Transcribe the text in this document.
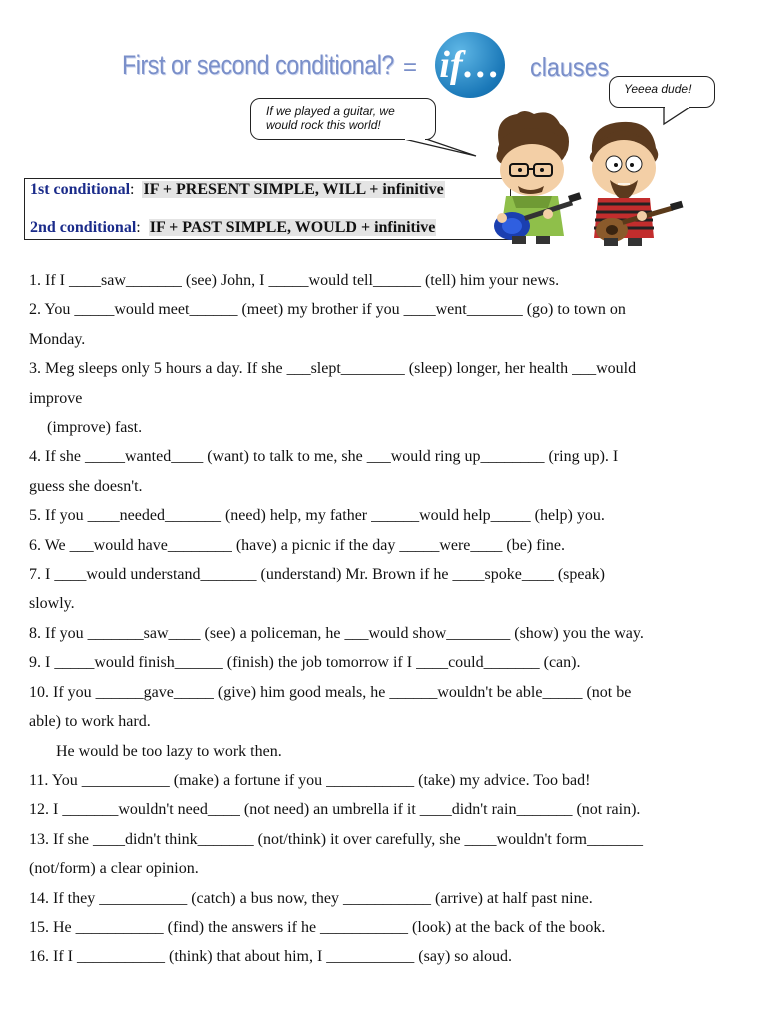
First or second conditional? = if… clauses
If we played a guitar, we would rock this world!
Yeeea dude!
1st conditional: IF + PRESENT SIMPLE, WILL + infinitive
2nd conditional: IF + PAST SIMPLE, WOULD + infinitive
1. If I ____saw_______ (see) John, I _____would tell______ (tell) him your news.
2. You _____would meet______ (meet) my brother if you ____went_______ (go) to town on
Monday.
3. Meg sleeps only 5 hours a day. If she ___slept________ (sleep) longer, her health ___would
improve
(improve) fast.
4. If she _____wanted____ (want) to talk to me, she ___would ring up________ (ring up). I
guess she doesn't.
5. If you ____needed_______ (need) help, my father ______would help_____ (help) you.
6. We ___would have________ (have) a picnic if the day _____were____ (be) fine.
7. I ____would understand_______ (understand) Mr. Brown if he ____spoke____ (speak)
slowly.
8. If you _______saw____ (see) a policeman, he ___would show________ (show) you the way.
9. I _____would finish______ (finish) the job tomorrow if I ____could_______ (can).
10. If you ______gave_____ (give) him good meals, he ______wouldn't be able_____ (not be
able) to work hard.
He would be too lazy to work then.
11. You ___________ (make) a fortune if you ___________ (take) my advice. Too bad!
12. I _______wouldn't need____ (not need) an umbrella if it ____didn't rain_______ (not rain).
13. If she ____didn't think_______ (not/think) it over carefully, she ____wouldn't form_______
(not/form) a clear opinion.
14. If they ___________ (catch) a bus now, they ___________ (arrive) at half past nine.
15. He ___________ (find) the answers if he ___________ (look) at the back of the book.
16. If I ___________ (think) that about him, I ___________ (say) so aloud.
